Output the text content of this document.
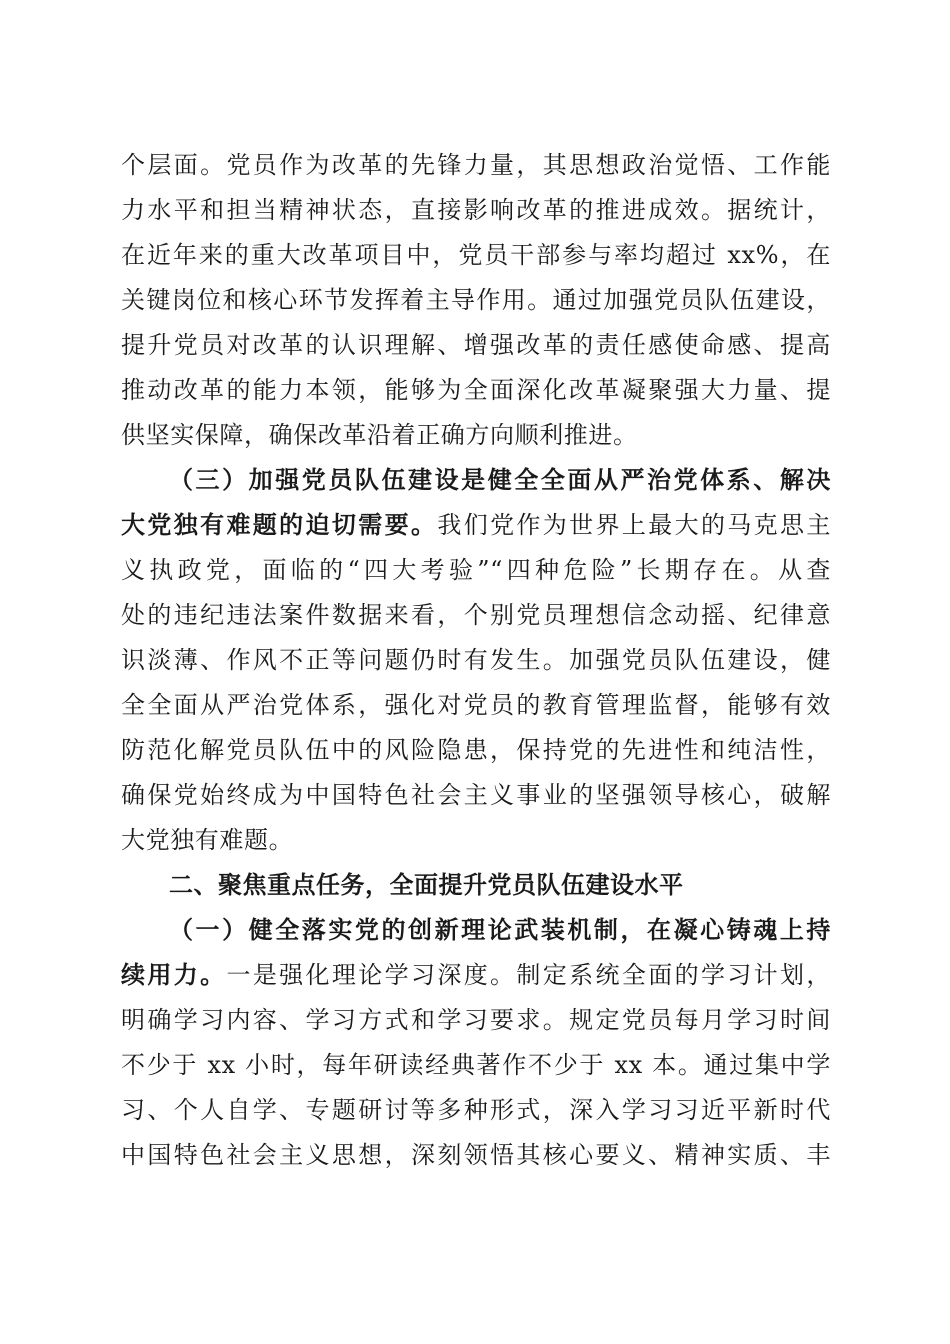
个层面。党员作为改革的先锋力量，其思想政治觉悟、工作能
力水平和担当精神状态，直接影响改革的推进成效。据统计，
在近年来的重大改革项目中，党员干部参与率均超过 xx%，在
关键岗位和核心环节发挥着主导作用。通过加强党员队伍建设，
提升党员对改革的认识理解、增强改革的责任感使命感、提高
推动改革的能力本领，能够为全面深化改革凝聚强大力量、提
供坚实保障，确保改革沿着正确方向顺利推进。
（三）加强党员队伍建设是健全全面从严治党体系、解决
大党独有难题的迫切需要。我们党作为世界上最大的马克思主
义执政党，面临的“四大考验”“四种危险”长期存在。从查
处的违纪违法案件数据来看，个别党员理想信念动摇、纪律意
识淡薄、作风不正等问题仍时有发生。加强党员队伍建设，健
全全面从严治党体系，强化对党员的教育管理监督，能够有效
防范化解党员队伍中的风险隐患，保持党的先进性和纯洁性，
确保党始终成为中国特色社会主义事业的坚强领导核心，破解
大党独有难题。
二、聚焦重点任务，全面提升党员队伍建设水平
（一）健全落实党的创新理论武装机制，在凝心铸魂上持
续用力。一是强化理论学习深度。制定系统全面的学习计划，
明确学习内容、学习方式和学习要求。规定党员每月学习时间
不少于 xx 小时，每年研读经典著作不少于 xx 本。通过集中学
习、个人自学、专题研讨等多种形式，深入学习习近平新时代
中国特色社会主义思想，深刻领悟其核心要义、精神实质、丰
